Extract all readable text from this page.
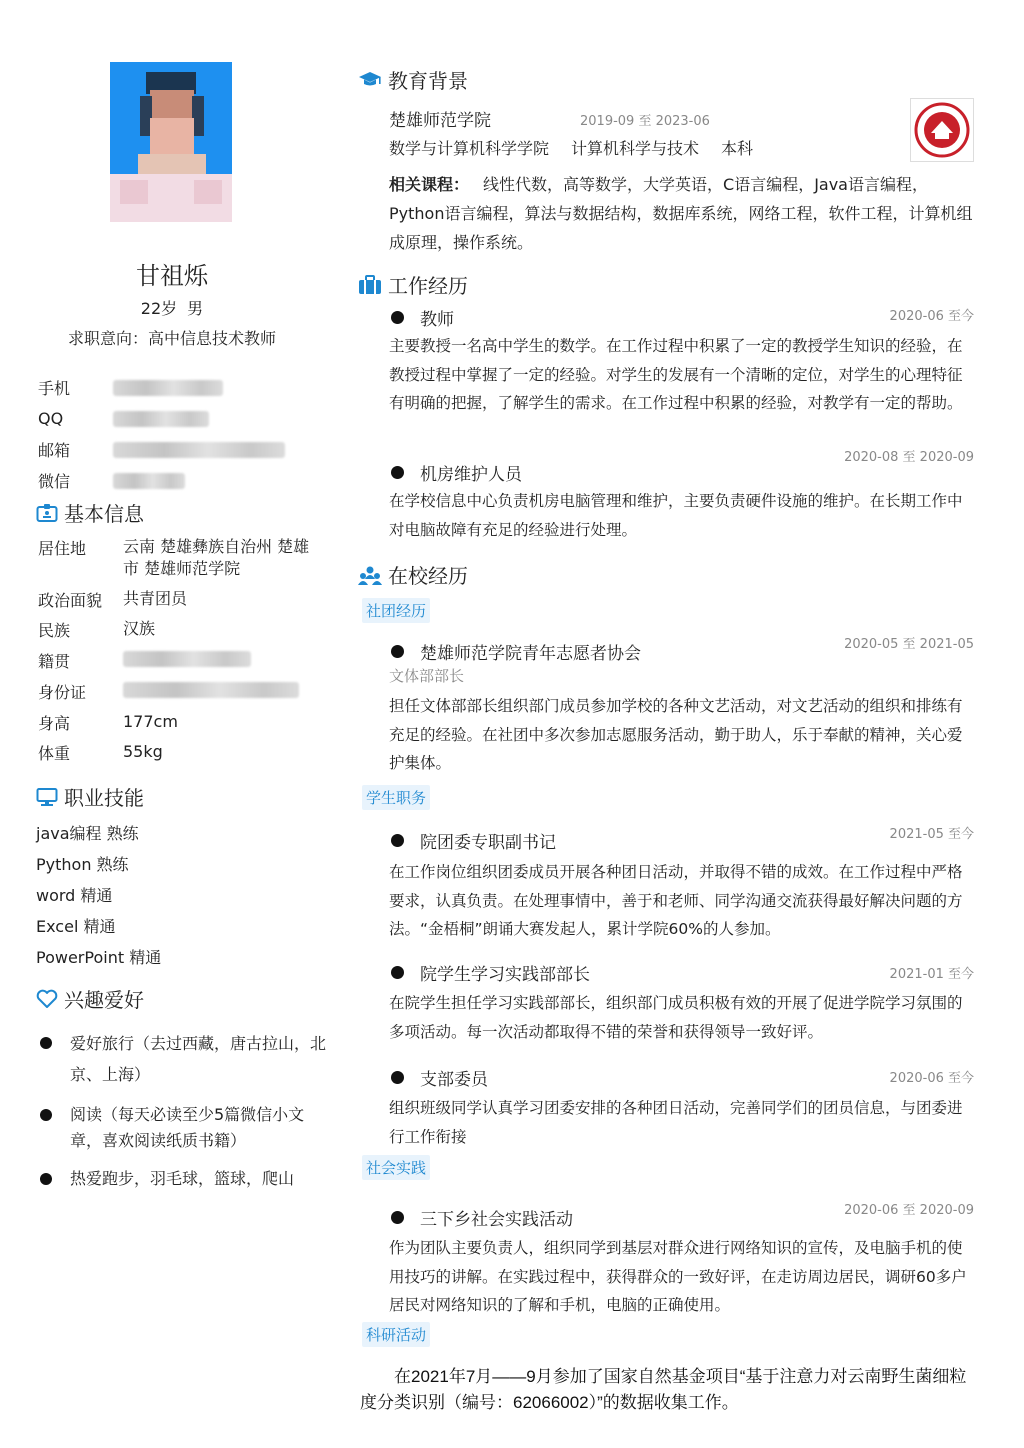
甘祖烁
22岁 男
求职意向：高中信息技术教师
手机
QQ
邮箱
微信
基本信息
居住地	云南 楚雄彝族自治州 楚雄市 楚雄师范学院
政治面貌	共青团员
民族	汉族
籍贯
身份证
身高	177cm
体重	55kg
职业技能
java编程 熟练
Python 熟练
word 精通
Excel 精通
PowerPoint 精通
兴趣爱好
爱好旅行（去过西藏，唐古拉山，北京、上海）
阅读（每天必读至少5篇微信小文章，喜欢阅读纸质书籍）
热爱跑步，羽毛球，篮球，爬山
教育背景
楚雄师范学院	2019-09 至 2023-06
数学与计算机科学学院 计算机科学与技术 本科
相关课程： 线性代数，高等数学，大学英语，C语言编程，Java语言编程，Python语言编程，算法与数据结构，数据库系统，网络工程，软件工程，计算机组成原理，操作系统。
工作经历
教师	2020-06 至今
主要教授一名高中学生的数学。在工作过程中积累了一定的教授学生知识的经验，在教授过程中掌握了一定的经验。对学生的发展有一个清晰的定位，对学生的心理特征有明确的把握，了解学生的需求。在工作过程中积累的经验，对教学有一定的帮助。
2020-08 至 2020-09
机房维护人员
在学校信息中心负责机房电脑管理和维护，主要负责硬件设施的维护。在长期工作中对电脑故障有充足的经验进行处理。
在校经历
社团经历
2020-05 至 2021-05
楚雄师范学院青年志愿者协会
文体部部长
担任文体部部长组织部门成员参加学校的各种文艺活动，对文艺活动的组织和排练有充足的经验。在社团中多次参加志愿服务活动，勤于助人，乐于奉献的精神，关心爱护集体。
学生职务
院团委专职副书记	2021-05 至今
在工作岗位组织团委成员开展各种团日活动，并取得不错的成效。在工作过程中严格要求，认真负责。在处理事情中，善于和老师、同学沟通交流获得最好解决问题的方法。“金梧桐”朗诵大赛发起人，累计学院60%的人参加。
院学生学习实践部部长	2021-01 至今
在院学生担任学习实践部部长，组织部门成员积极有效的开展了促进学院学习氛围的多项活动。每一次活动都取得不错的荣誉和获得领导一致好评。
支部委员	2020-06 至今
组织班级同学认真学习团委安排的各种团日活动，完善同学们的团员信息，与团委进行工作衔接
社会实践
2020-06 至 2020-09
三下乡社会实践活动
作为团队主要负责人，组织同学到基层对群众进行网络知识的宣传，及电脑手机的使用技巧的讲解。在实践过程中，获得群众的一致好评，在走访周边居民，调研60多户居民对网络知识的了解和手机，电脑的正确使用。
科研活动
在2021年7月——9月参加了国家自然基金项目“基于注意力对云南野生菌细粒度分类识别（编号：62066002）”的数据收集工作。
